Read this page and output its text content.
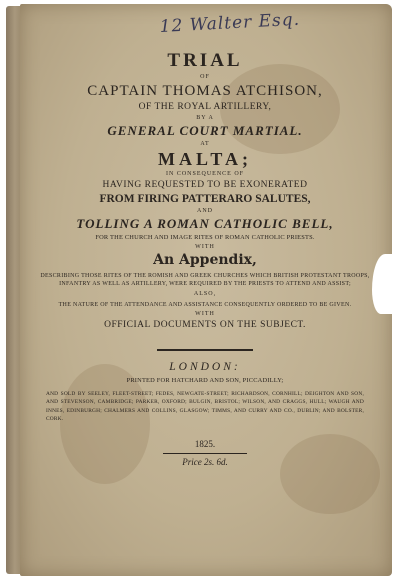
12 Walter Esq.
TRIAL
OF
CAPTAIN THOMAS ATCHISON,
OF THE ROYAL ARTILLERY,
BY A
GENERAL COURT MARTIAL.
AT
MALTA;
IN CONSEQUENCE OF
HAVING REQUESTED TO BE EXONERATED
FROM FIRING PATTERARO SALUTES,
AND
TOLLING A ROMAN CATHOLIC BELL,
FOR THE CHURCH AND IMAGE RITES OF ROMAN CATHOLIC PRIESTS.
WITH
An Appendix,
DESCRIBING THOSE RITES OF THE ROMISH AND GREEK CHURCHES WHICH BRITISH PROTESTANT TROOPS, INFANTRY AS WELL AS ARTILLERY, WERE REQUIRED BY THE PRIESTS TO ATTEND AND ASSIST;
ALSO,
THE NATURE OF THE ATTENDANCE AND ASSISTANCE CONSEQUENTLY ORDERED TO BE GIVEN.
WITH
OFFICIAL DOCUMENTS ON THE SUBJECT.
LONDON:
PRINTED FOR HATCHARD AND SON, PICCADILLY;
AND SOLD BY SEELEY, FLEET-STREET; FEDES, NEWGATE-STREET; RICHARDSON, CORNHILL; DEIGHTON AND SON, AND STEVENSON, CAMBRIDGE; PARKER, OXFORD; BULGIN, BRISTOL; WILSON, AND CRAGGS, HULL; WAUGH AND INNES, EDINBURGH; CHALMERS AND COLLINS, GLASGOW; TIMMS, AND CURRY AND CO., DUBLIN; AND BOLSTER, CORK.
1825.
Price 2s. 6d.
